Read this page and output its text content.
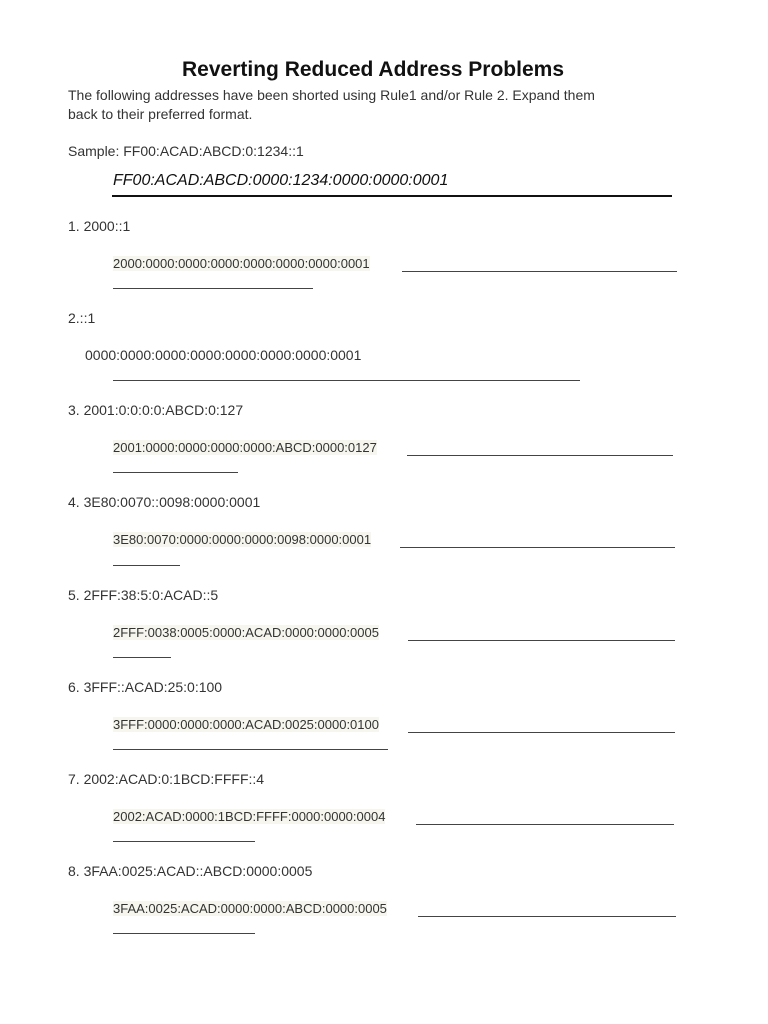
Reverting Reduced Address Problems
The following addresses have been shorted using Rule1 and/or Rule 2. Expand them
back to their preferred format.
Sample: FF00:ACAD:ABCD:0:1234::1
FF00:ACAD:ABCD:0000:1234:0000:0000:0001
1. 2000::1
2000:0000:0000:0000:0000:0000:0000:0001
2.::1
0000:0000:0000:0000:0000:0000:0000:0001
3. 2001:0:0:0:0:ABCD:0:127
2001:0000:0000:0000:0000:ABCD:0000:0127
4. 3E80:0070::0098:0000:0001
3E80:0070:0000:0000:0000:0098:0000:0001
5. 2FFF:38:5:0:ACAD::5
2FFF:0038:0005:0000:ACAD:0000:0000:0005
6. 3FFF::ACAD:25:0:100
3FFF:0000:0000:0000:ACAD:0025:0000:0100
7. 2002:ACAD:0:1BCD:FFFF::4
2002:ACAD:0000:1BCD:FFFF:0000:0000:0004
8. 3FAA:0025:ACAD::ABCD:0000:0005
3FAA:0025:ACAD:0000:0000:ABCD:0000:0005
